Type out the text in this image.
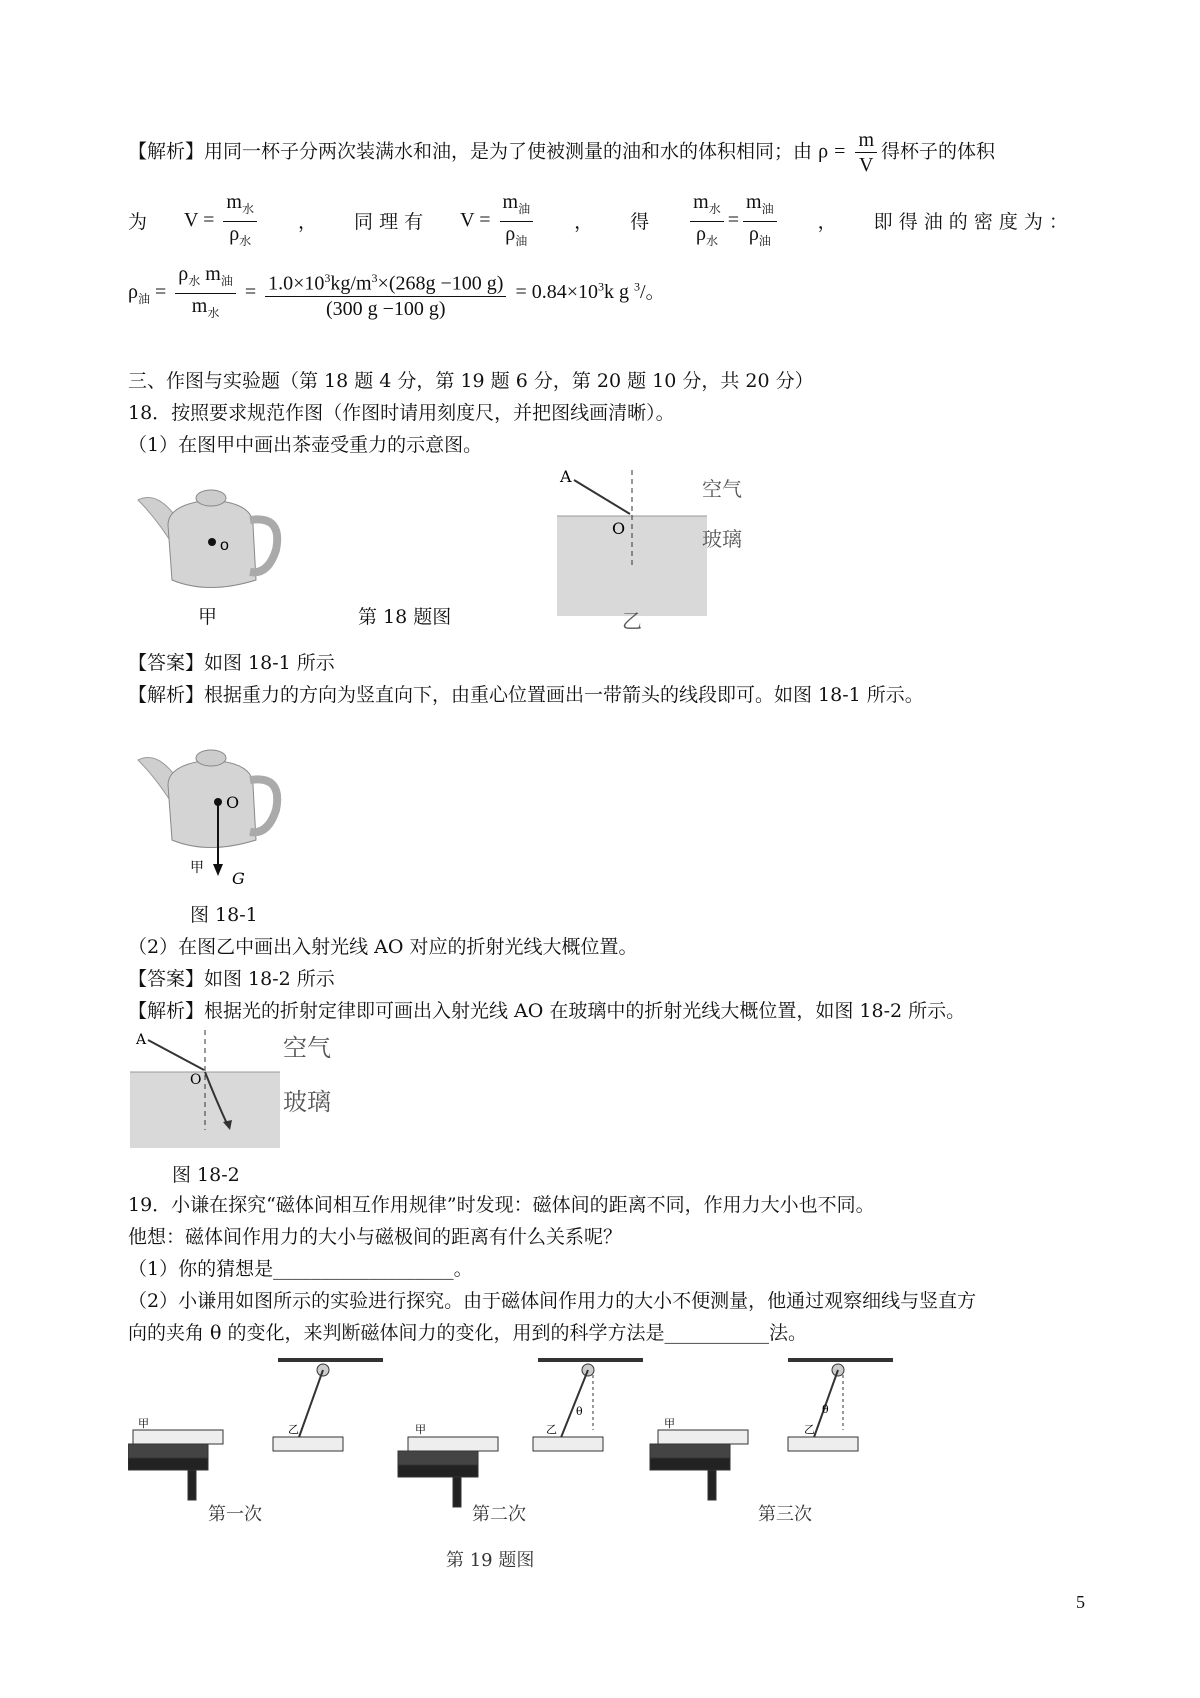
【解析】用同一杯子分两次装满水和油，是为了使被测量的油和水的体积相同；由 $\rho = \frac{m}{V}$ 得杯子的体积
为 $V = \frac{m_水}{\rho_水}$ ， 同 理 有 $V = \frac{m_油}{\rho_油}$ ， 得 $\frac{m_水}{\rho_水} = \frac{m_油}{\rho_油}$ ， 即 得 油 的 密 度 为 ：
$\rho_油 = \frac{\rho_水 m_油}{m_水} = \frac{1.0\times 10^3kg/m^3\times(268g -100 g)}{(300 g -100 g)} = 0.84\times 10^3k$ g $^3$/。
三、作图与实验题（第 18 题 4 分，第 19 题 6 分，第 20 题 10 分，共 20 分）
18．按照要求规范作图（作图时请用刻度尺，并把图线画清晰）。
（1）在图甲中画出茶壶受重力的示意图。
o
甲	第 18 题图
A
O
空气
玻璃
乙
【答案】如图 18-1 所示
【解析】根据重力的方向为竖直向下，由重心位置画出一带箭头的线段即可。如图 18-1 所示。
O
甲
G
图 18-1
（2）在图乙中画出入射光线 AO 对应的折射光线大概位置。
【答案】如图 18-2 所示
【解析】根据光的折射定律即可画出入射光线 AO 在玻璃中的折射光线大概位置，如图 18-2 所示。
A
O
空气
玻璃
图 18-2
19．小谦在探究“磁体间相互作用规律”时发现：磁体间的距离不同，作用力大小也不同。
他想：磁体间作用力的大小与磁极间的距离有什么关系呢？
（1）你的猜想是___________________。
（2）小谦用如图所示的实验进行探究。由于磁体间作用力的大小不便测量，他通过观察细线与竖直方
向的夹角 θ 的变化，来判断磁体间力的变化，用到的科学方法是___________法。
甲	乙	甲	乙
θ
甲	乙
θ
第一次	第二次	第三次
第 19 题图
5
